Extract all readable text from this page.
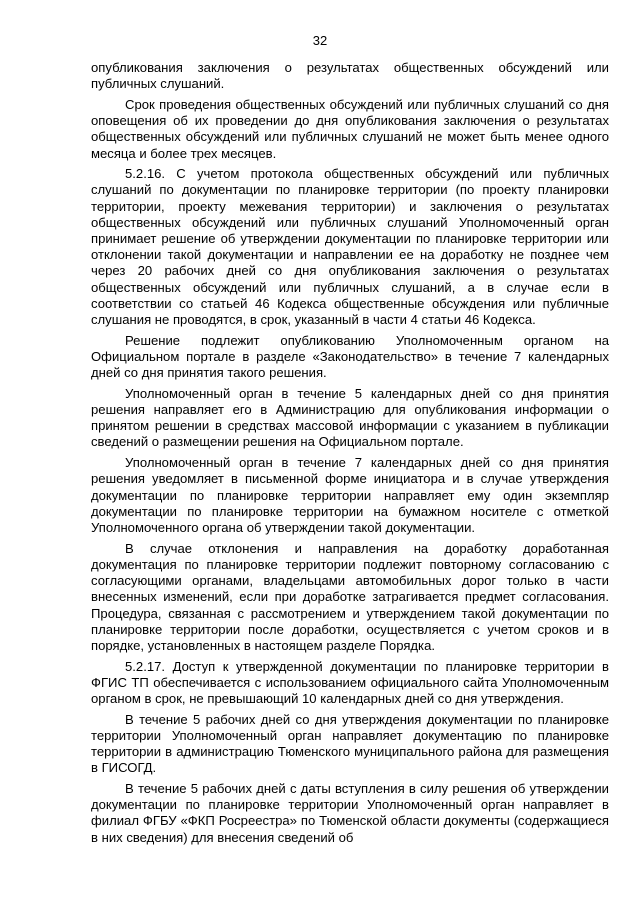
32

опубликования заключения о результатах общественных обсуждений или публичных слушаний.

Срок проведения общественных обсуждений или публичных слушаний со дня оповещения об их проведении до дня опубликования заключения о результатах общественных обсуждений или публичных слушаний не может быть менее одного месяца и более трех месяцев.

5.2.16. С учетом протокола общественных обсуждений или публичных слушаний по документации по планировке территории (по проекту планировки территории, проекту межевания территории) и заключения о результатах общественных обсуждений или публичных слушаний Уполномоченный орган принимает решение об утверждении документации по планировке территории или отклонении такой документации и направлении ее на доработку не позднее чем через 20 рабочих дней со дня опубликования заключения о результатах общественных обсуждений или публичных слушаний, а в случае если в соответствии со статьей 46 Кодекса общественные обсуждения или публичные слушания не проводятся, в срок, указанный в части 4 статьи 46 Кодекса.

Решение подлежит опубликованию Уполномоченным органом на Официальном портале в разделе «Законодательство» в течение 7 календарных дней со дня принятия такого решения.

Уполномоченный орган в течение 5 календарных дней со дня принятия решения направляет его в Администрацию для опубликования информации о принятом решении в средствах массовой информации с указанием в публикации сведений о размещении решения на Официальном портале.

Уполномоченный орган в течение 7 календарных дней со дня принятия решения уведомляет в письменной форме инициатора и в случае утверждения документации по планировке территории направляет ему один экземпляр документации по планировке территории на бумажном носителе с отметкой Уполномоченного органа об утверждении такой документации.

В случае отклонения и направления на доработку доработанная документация по планировке территории подлежит повторному согласованию с согласующими органами, владельцами автомобильных дорог только в части внесенных изменений, если при доработке затрагивается предмет согласования. Процедура, связанная с рассмотрением и утверждением такой документации по планировке территории после доработки, осуществляется с учетом сроков и в порядке, установленных в настоящем разделе Порядка.

5.2.17. Доступ к утвержденной документации по планировке территории в ФГИС ТП обеспечивается с использованием официального сайта Уполномоченным органом в срок, не превышающий 10 календарных дней со дня утверждения.

В течение 5 рабочих дней со дня утверждения документации по планировке территории Уполномоченный орган направляет документацию по планировке территории в администрацию Тюменского муниципального района для размещения в ГИСОГД.

В течение 5 рабочих дней с даты вступления в силу решения об утверждении документации по планировке территории Уполномоченный орган направляет в филиал ФГБУ «ФКП Росреестра» по Тюменской области документы (содержащиеся в них сведения) для внесения сведений об
